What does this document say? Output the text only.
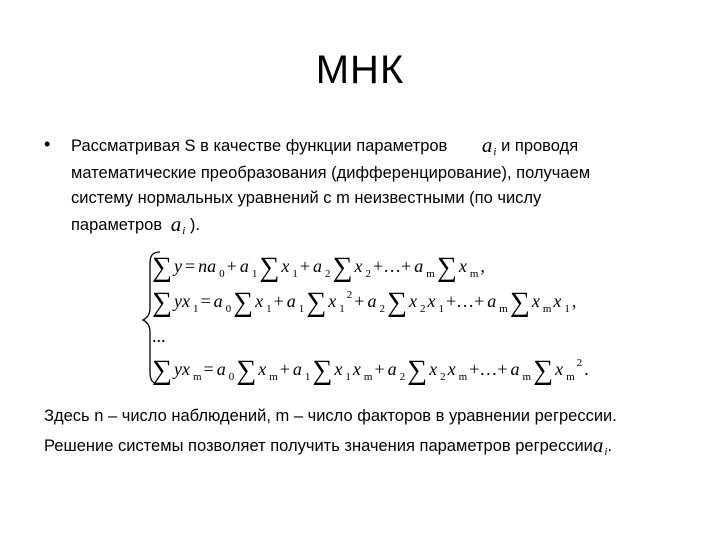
МНК
• Рассматривая S в качестве функции параметров $a_i$ и проводя
математические преобразования (дифференцирование), получаем
систему нормальных уравнений с m неизвестными (по числу
параметров $a_i$ ).
∑ y = na 0 + a 1 ∑ x 1 + a 2 ∑ x 2 +…+ a m ∑ x m ,
∑ yx 1 = a 0 ∑ x 1 + a 1 ∑ x 1
2 + a 2 ∑ x 2 x 1 +…+ a m ∑ x m x 1 ,
...
∑ yx m = a 0 ∑ x m + a 1 ∑ x 1 x m + a 2 ∑ x 2 x m +…+ a m ∑ x m
2 .
Здесь n – число наблюдений, m – число факторов в уравнении регрессии.
Решение системы позволяет получить значения параметров регрессииa$_i$.
